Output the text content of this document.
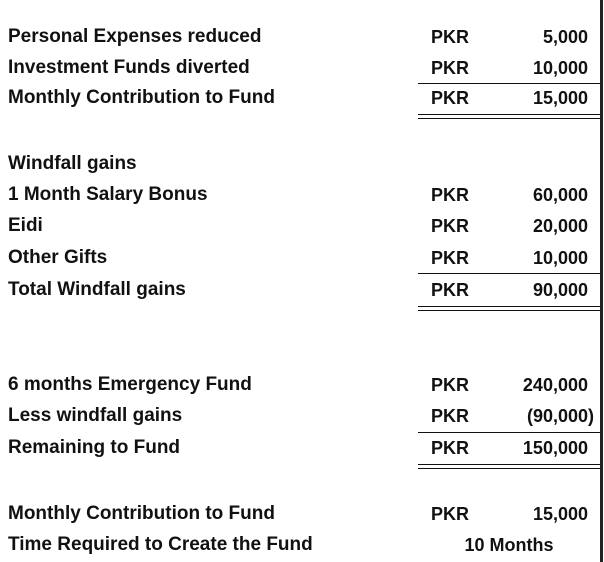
Personal Expenses reduced	PKR	5,000
Investment Funds diverted	PKR	10,000
Monthly Contribution to Fund	PKR	15,000
Windfall gains
1 Month Salary Bonus	PKR	60,000
Eidi	PKR	20,000
Other Gifts	PKR	10,000
Total Windfall gains	PKR	90,000
6 months Emergency Fund	PKR	240,000
Less windfall gains	PKR	(90,000)
Remaining to Fund	PKR	150,000
Monthly Contribution to Fund	PKR	15,000
Time Required to Create the Fund	10 Months
